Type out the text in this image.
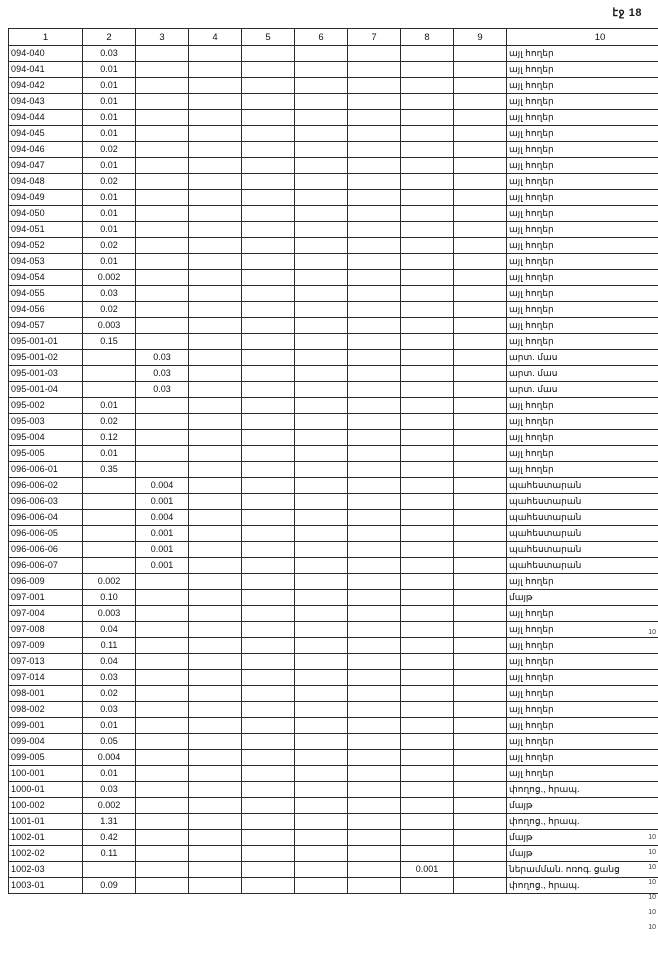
էջ 18
1	2	3	4	5	6	7	8	9	10
094-040	0.03								այլ հողեր
094-041	0.01								այլ հողեր
094-042	0.01								այլ հողեր
094-043	0.01								այլ հողեր
094-044	0.01								այլ հողեր
094-045	0.01								այլ հողեր
094-046	0.02								այլ հողեր
094-047	0.01								այլ հողեր
094-048	0.02								այլ հողեր
094-049	0.01								այլ հողեր
094-050	0.01								այլ հողեր
094-051	0.01								այլ հողեր
094-052	0.02								այլ հողեր
094-053	0.01								այլ հողեր
094-054	0.002								այլ հողեր
094-055	0.03								այլ հողեր
094-056	0.02								այլ հողեր
094-057	0.003								այլ հողեր
095-001-01	0.15								այլ հողեր
095-001-02		0.03							արտ. մաս
095-001-03		0.03							արտ. մաս
095-001-04		0.03							արտ. մաս
095-002	0.01								այլ հողեր
095-003	0.02								այլ հողեր
095-004	0.12								այլ հողեր
095-005	0.01								այլ հողեր
096-006-01	0.35								այլ հողեր
096-006-02		0.004							պահեստարան
096-006-03		0.001							պահեստարան
096-006-04		0.004							պահեստարան
096-006-05		0.001							պահեստարան
096-006-06		0.001							պահեստարան
096-006-07		0.001							պահեստարան
096-009	0.002								այլ հողեր
097-001	0.10								մայթ
097-004	0.003								այլ հողեր
097-008	0.04								այլ հողեր
097-009	0.11								այլ հողեր
097-013	0.04								այլ հողեր
097-014	0.03								այլ հողեր
098-001	0.02								այլ հողեր
098-002	0.03								այլ հողեր
099-001	0.01								այլ հողեր
099-004	0.05								այլ հողեր
099-005	0.004								այլ հողեր
100-001	0.01								այլ հողեր
1000-01	0.03								փողոց., հրապ.
100-002	0.002								մայթ
1001-01	1.31								փողոց., հրապ.
1002-01	0.42								մայթ
1002-02	0.11								մայթ
1002-03							0.001		ներամման. ոռոգ. ցանց
1003-01	0.09								փողոց., հրապ.
10
10
10
10
10
10
10
10
